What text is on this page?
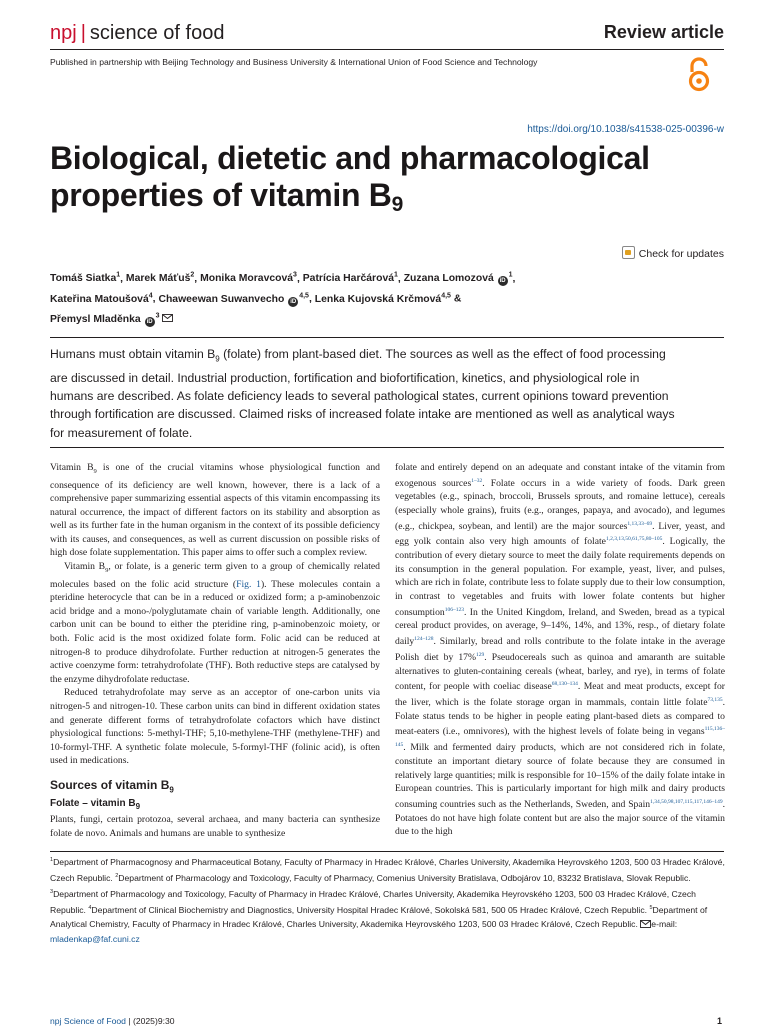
npj | science of food	Review article
Published in partnership with Beijing Technology and Business University & International Union of Food Science and Technology
https://doi.org/10.1038/s41538-025-00396-w
Biological, dietetic and pharmacological properties of vitamin $B_9$
Check for updates
Tomáš Siatka$^1$, Marek Máťuš$^2$, Monika Moravcová$^3$, Patrícia Harčárová$^1$, Zuzana Lomozová $iD^1$,
Kateřina Matoušová$^4$, Chaweewan Suwanvecho iD$^{4,5}$, Lenka Kujovská Krčmová$^{4,5}$ &
Přemysl Mladěnka $iD^3$
Humans must obtain vitamin $B_9$ (folate) from plant-based diet. The sources as well as the effect of food processing are discussed in detail. Industrial production, fortification and biofortification, kinetics, and physiological role in humans are described. As folate deficiency leads to several pathological states, current opinions toward prevention through fortification are discussed. Claimed risks of increased folate intake are mentioned as well as analytical ways for measurement of folate.

Vitamin $B_9$ is one of the crucial vitamins whose physiological function and consequence of its deficiency are well known, however, there is a lack of a comprehensive paper summarizing essential aspects of this vitamin encompassing its natural occurrence, the impact of different factors on its stability and absorption as well as its further fate in the human organism in the context of its possible deficiency with its causes, and consequences, as well as current discussion on possible risks of high dose folate supplementation. This paper aims to offer such a complex review.

Vitamin $B_9$, or folate, is a generic term given to a group of chemically related molecules based on the folic acid structure (Fig. 1). These molecules contain a pteridine heterocycle that can be in a reduced or oxidized form; a p-aminobenzoic acid bridge and a mono-/polyglutamate chain of variable length. Additionally, one carbon unit can be bound to either the pteridine ring, p-aminobenzoic moiety, or both. Folic acid is the most oxidized folate form. Folic acid can be reduced at nitrogen-8 to produce dihydrofolate. Further reduction at nitrogen-5 generates the active coenzyme form: tetrahydrofolate (THF). Both reductive steps are catalysed by the enzyme dihydrofolate reductase.

Reduced tetrahydrofolate may serve as an acceptor of one-carbon units via nitrogen-5 and nitrogen-10. These carbon units can bind in different oxidation states and generate different forms of tetrahydrofolate cofactors which have distinct physiological functions: 5-methyl-THF; 5,10-methylene-THF (methylene-THF) and 10-formyl-THF. A synthetic folate molecule, 5-formyl-THF (folinic acid), is often used in medications.

Sources of vitamin $B_9$
Folate – vitamin $B_9$

Plants, fungi, certain protozoa, several archaea, and many bacteria can synthesize folate de novo. Animals and humans are unable to synthesize

folate and entirely depend on an adequate and constant intake of the vitamin from exogenous sources$^{1-32}$. Folate occurs in a wide variety of foods. Dark green vegetables (e.g., spinach, broccoli, Brussels sprouts, and romaine lettuce), cereals (especially whole grains), fruits (e.g., oranges, papaya, and avocado), and legumes (e.g., chickpea, soybean, and lentil) are the major sources$^{1,13,33-69}$. Liver, yeast, and egg yolk contain also very high amounts of folate$^{1,2,3,13,50,61,75,80-105}$. Logically, the contribution of every dietary source to meet the daily folate requirements depends on its consumption in the general population. For example, yeast, liver, and pulses, which are rich in folate, contribute less to folate supply due to their low consumption, in contrast to vegetables and fruits with lower folate contents but higher consumption$^{106-123}$. In the United Kingdom, Ireland, and Sweden, bread as a typical cereal product provides, on average, 9–14%, 14%, and 13%, resp., of dietary folate daily$^{124-128}$. Similarly, bread and rolls contribute to the folate intake in the average Polish diet by 17%$^{129}$. Pseudocereals such as quinoa and amaranth are suitable alternatives to gluten-containing cereals (wheat, barley, and rye), in terms of folate content, for people with coeliac disease$^{68,130-134}$. Meat and meat products, except for the liver, which is the folate storage organ in mammals, contain little folate$^{73,135}$. Folate status tends to be higher in people eating plant-based diets as compared to meat-eaters (i.e., omnivores), with the highest levels of folate being in vegans$^{115,136-145}$. Milk and fermented dairy products, which are not considered rich in folate, constitute an important dietary source of folate because they are consumed in relatively large quantities; milk is responsible for 10–15% of the daily folate intake in European countries. This is particularly important for high milk and dairy products consuming countries such as the Netherlands, Sweden, and Spain$^{1,34,50,98,107,115,117,146-149}$. Potatoes do not have high folate content but are also the major source of the vitamin due to the high

$^1$Department of Pharmacognosy and Pharmaceutical Botany, Faculty of Pharmacy in Hradec Králové, Charles University, Akademika Heyrovského 1203, 500 03 Hradec Králové, Czech Republic. $^2$Department of Pharmacology and Toxicology, Faculty of Pharmacy, Comenius University Bratislava, Odbojárov 10, 83232 Bratislava, Slovak Republic. $^3$Department of Pharmacology and Toxicology, Faculty of Pharmacy in Hradec Králové, Charles University, Akademika Heyrovského 1203, 500 03 Hradec Králové, Czech Republic. $^4$Department of Clinical Biochemistry and Diagnostics, University Hospital Hradec Králové, Sokolská 581, 500 05 Hradec Králové, Czech Republic. $^5$Department of Analytical Chemistry, Faculty of Pharmacy in Hradec Králové, Charles University, Akademika Heyrovského 1203, 500 03 Hradec Králové, Czech Republic. e-mail: mladenkap@faf.cuni.cz
npj Science of Food | (2025)9:30	1
